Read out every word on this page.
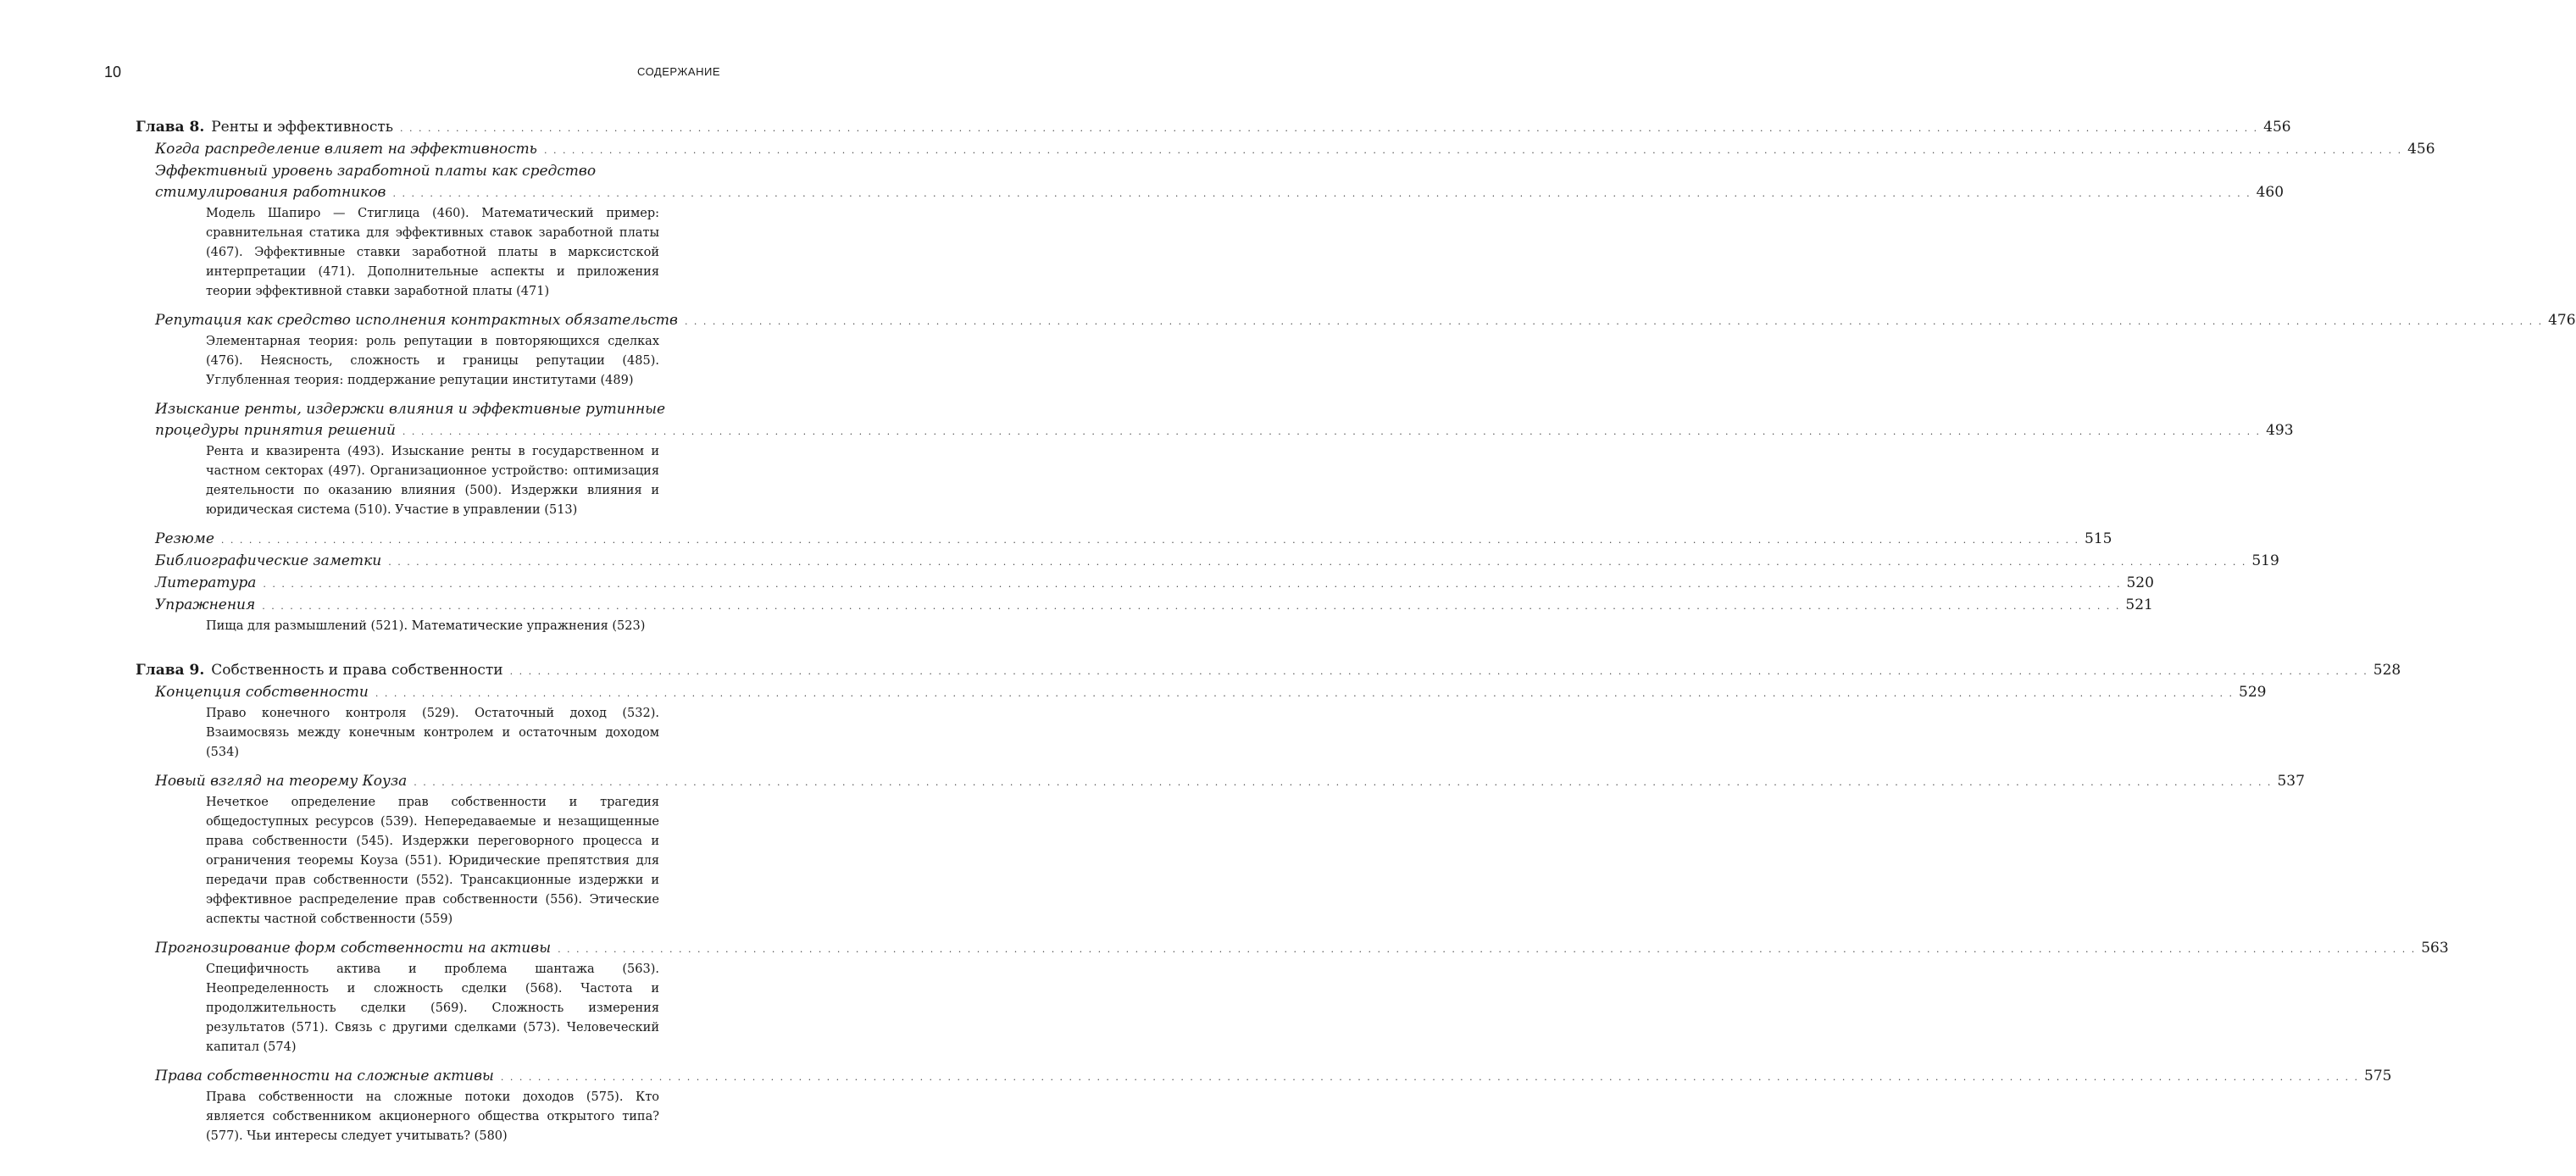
10	СОДЕРЖАНИЕ
Глава 8. Ренты и эффективность . . . . . . . . . . . . . . . . . . . . . . . . . . . . . . . . . . . . . . . . . . . . . . . . . . . . . . . . . . . . . . . . . . . . . . . . . . . . . . . . . . . . . . . . . . . . . . . . . . . . . . . . . . . . . . . . . . . . . . . . . . . . . . . . . . . . . . . . . . . . . . . . . . . . . . . . . . . . . . . . . . . . . . . . . . . . . . . . . . . . . . . . . . . . . . . . . . . . . . . . 456
Когда распределение влияет на эффективность . . . . . . . . . . . . . . . . . . . . . . . . . . . . . . . . . . . . . . . . . . . . . . . . . . . . . . . . . . . . . . . . . . . . . . . . . . . . . . . . . . . . . . . . . . . . . . . . . . . . . . . . . . . . . . . . . . . . . . . . . . . . . . . . . . . . . . . . . . . . . . . . . . . . . . . . . . . . . . . . . . . . . . . . . . . . . . . . . . . . . . . . . . . . . . . . . . . . . . . . 456
Эффективный уровень заработной платы как средство
стимулирования работников . . . . . . . . . . . . . . . . . . . . . . . . . . . . . . . . . . . . . . . . . . . . . . . . . . . . . . . . . . . . . . . . . . . . . . . . . . . . . . . . . . . . . . . . . . . . . . . . . . . . . . . . . . . . . . . . . . . . . . . . . . . . . . . . . . . . . . . . . . . . . . . . . . . . . . . . . . . . . . . . . . . . . . . . . . . . . . . . . . . . . . . . . . . . . . . . . . . . . . . . 460
Модель Шапиро — Стиглица (460). Математический пример: сравнительная статика для эффективных ставок заработной платы (467). Эффективные ставки заработной платы в марксистской интерпретации (471). Дополнительные аспекты и приложения теории эффективной ставки заработной платы (471)
Репутация как средство исполнения контрактных обязательств . . . . . . . . . . . . . . . . . . . . . . . . . . . . . . . . . . . . . . . . . . . . . . . . . . . . . . . . . . . . . . . . . . . . . . . . . . . . . . . . . . . . . . . . . . . . . . . . . . . . . . . . . . . . . . . . . . . . . . . . . . . . . . . . . . . . . . . . . . . . . . . . . . . . . . . . . . . . . . . . . . . . . . . . . . . . . . . . . . . . . . . . . . . . . . . . . . . . . . . . 476
Элементарная теория: роль репутации в повторяющихся сделках (476). Неясность, сложность и границы репутации (485). Углубленная теория: поддержание репутации институтами (489)
Изыскание ренты, издержки влияния и эффективные рутинные
процедуры принятия решений . . . . . . . . . . . . . . . . . . . . . . . . . . . . . . . . . . . . . . . . . . . . . . . . . . . . . . . . . . . . . . . . . . . . . . . . . . . . . . . . . . . . . . . . . . . . . . . . . . . . . . . . . . . . . . . . . . . . . . . . . . . . . . . . . . . . . . . . . . . . . . . . . . . . . . . . . . . . . . . . . . . . . . . . . . . . . . . . . . . . . . . . . . . . . . . . . . . . . . . . 493
Рента и квазирента (493). Изыскание ренты в государственном и частном секторах (497). Организационное устройство: оптимизация деятельности по оказанию влияния (500). Издержки влияния и юридическая система (510). Участие в управлении (513)
Резюме . . . . . . . . . . . . . . . . . . . . . . . . . . . . . . . . . . . . . . . . . . . . . . . . . . . . . . . . . . . . . . . . . . . . . . . . . . . . . . . . . . . . . . . . . . . . . . . . . . . . . . . . . . . . . . . . . . . . . . . . . . . . . . . . . . . . . . . . . . . . . . . . . . . . . . . . . . . . . . . . . . . . . . . . . . . . . . . . . . . . . . . . . . . . . . . . . . . . . . . . 515
Библиографические заметки . . . . . . . . . . . . . . . . . . . . . . . . . . . . . . . . . . . . . . . . . . . . . . . . . . . . . . . . . . . . . . . . . . . . . . . . . . . . . . . . . . . . . . . . . . . . . . . . . . . . . . . . . . . . . . . . . . . . . . . . . . . . . . . . . . . . . . . . . . . . . . . . . . . . . . . . . . . . . . . . . . . . . . . . . . . . . . . . . . . . . . . . . . . . . . . . . . . . . . . . 519
Литература . . . . . . . . . . . . . . . . . . . . . . . . . . . . . . . . . . . . . . . . . . . . . . . . . . . . . . . . . . . . . . . . . . . . . . . . . . . . . . . . . . . . . . . . . . . . . . . . . . . . . . . . . . . . . . . . . . . . . . . . . . . . . . . . . . . . . . . . . . . . . . . . . . . . . . . . . . . . . . . . . . . . . . . . . . . . . . . . . . . . . . . . . . . . . . . . . . . . . . . . 520
Упражнения . . . . . . . . . . . . . . . . . . . . . . . . . . . . . . . . . . . . . . . . . . . . . . . . . . . . . . . . . . . . . . . . . . . . . . . . . . . . . . . . . . . . . . . . . . . . . . . . . . . . . . . . . . . . . . . . . . . . . . . . . . . . . . . . . . . . . . . . . . . . . . . . . . . . . . . . . . . . . . . . . . . . . . . . . . . . . . . . . . . . . . . . . . . . . . . . . . . . . . . . 521
Пища для размышлений (521). Математические упражнения (523)
Глава 9. Собственность и права собственности . . . . . . . . . . . . . . . . . . . . . . . . . . . . . . . . . . . . . . . . . . . . . . . . . . . . . . . . . . . . . . . . . . . . . . . . . . . . . . . . . . . . . . . . . . . . . . . . . . . . . . . . . . . . . . . . . . . . . . . . . . . . . . . . . . . . . . . . . . . . . . . . . . . . . . . . . . . . . . . . . . . . . . . . . . . . . . . . . . . . . . . . . . . . . . . . . . . . . . . . 528
Концепция собственности . . . . . . . . . . . . . . . . . . . . . . . . . . . . . . . . . . . . . . . . . . . . . . . . . . . . . . . . . . . . . . . . . . . . . . . . . . . . . . . . . . . . . . . . . . . . . . . . . . . . . . . . . . . . . . . . . . . . . . . . . . . . . . . . . . . . . . . . . . . . . . . . . . . . . . . . . . . . . . . . . . . . . . . . . . . . . . . . . . . . . . . . . . . . . . . . . . . . . . . . 529
Право конечного контроля (529). Остаточный доход (532). Взаимосвязь между конечным контролем и остаточным доходом (534)
Новый взгляд на теорему Коуза . . . . . . . . . . . . . . . . . . . . . . . . . . . . . . . . . . . . . . . . . . . . . . . . . . . . . . . . . . . . . . . . . . . . . . . . . . . . . . . . . . . . . . . . . . . . . . . . . . . . . . . . . . . . . . . . . . . . . . . . . . . . . . . . . . . . . . . . . . . . . . . . . . . . . . . . . . . . . . . . . . . . . . . . . . . . . . . . . . . . . . . . . . . . . . . . . . . . . . . . 537
Нечеткое определение прав собственности и трагедия общедоступных ресурсов (539). Непередаваемые и незащищенные права собственности (545). Издержки переговорного процесса и ограничения теоремы Коуза (551). Юридические препятствия для передачи прав собственности (552). Трансакционные издержки и эффективное распределение прав собственности (556). Этические аспекты частной собственности (559)
Прогнозирование форм собственности на активы . . . . . . . . . . . . . . . . . . . . . . . . . . . . . . . . . . . . . . . . . . . . . . . . . . . . . . . . . . . . . . . . . . . . . . . . . . . . . . . . . . . . . . . . . . . . . . . . . . . . . . . . . . . . . . . . . . . . . . . . . . . . . . . . . . . . . . . . . . . . . . . . . . . . . . . . . . . . . . . . . . . . . . . . . . . . . . . . . . . . . . . . . . . . . . . . . . . . . . . . 563
Специфичность актива и проблема шантажа (563). Неопределенность и сложность сделки (568). Частота и продолжительность сделки (569). Сложность измерения результатов (571). Связь с другими сделками (573). Человеческий капитал (574)
Права собственности на сложные активы . . . . . . . . . . . . . . . . . . . . . . . . . . . . . . . . . . . . . . . . . . . . . . . . . . . . . . . . . . . . . . . . . . . . . . . . . . . . . . . . . . . . . . . . . . . . . . . . . . . . . . . . . . . . . . . . . . . . . . . . . . . . . . . . . . . . . . . . . . . . . . . . . . . . . . . . . . . . . . . . . . . . . . . . . . . . . . . . . . . . . . . . . . . . . . . . . . . . . . . . 575
Права собственности на сложные потоки доходов (575). Кто является собственником акционерного общества открытого типа? (577). Чьи интересы следует учитывать? (580)
